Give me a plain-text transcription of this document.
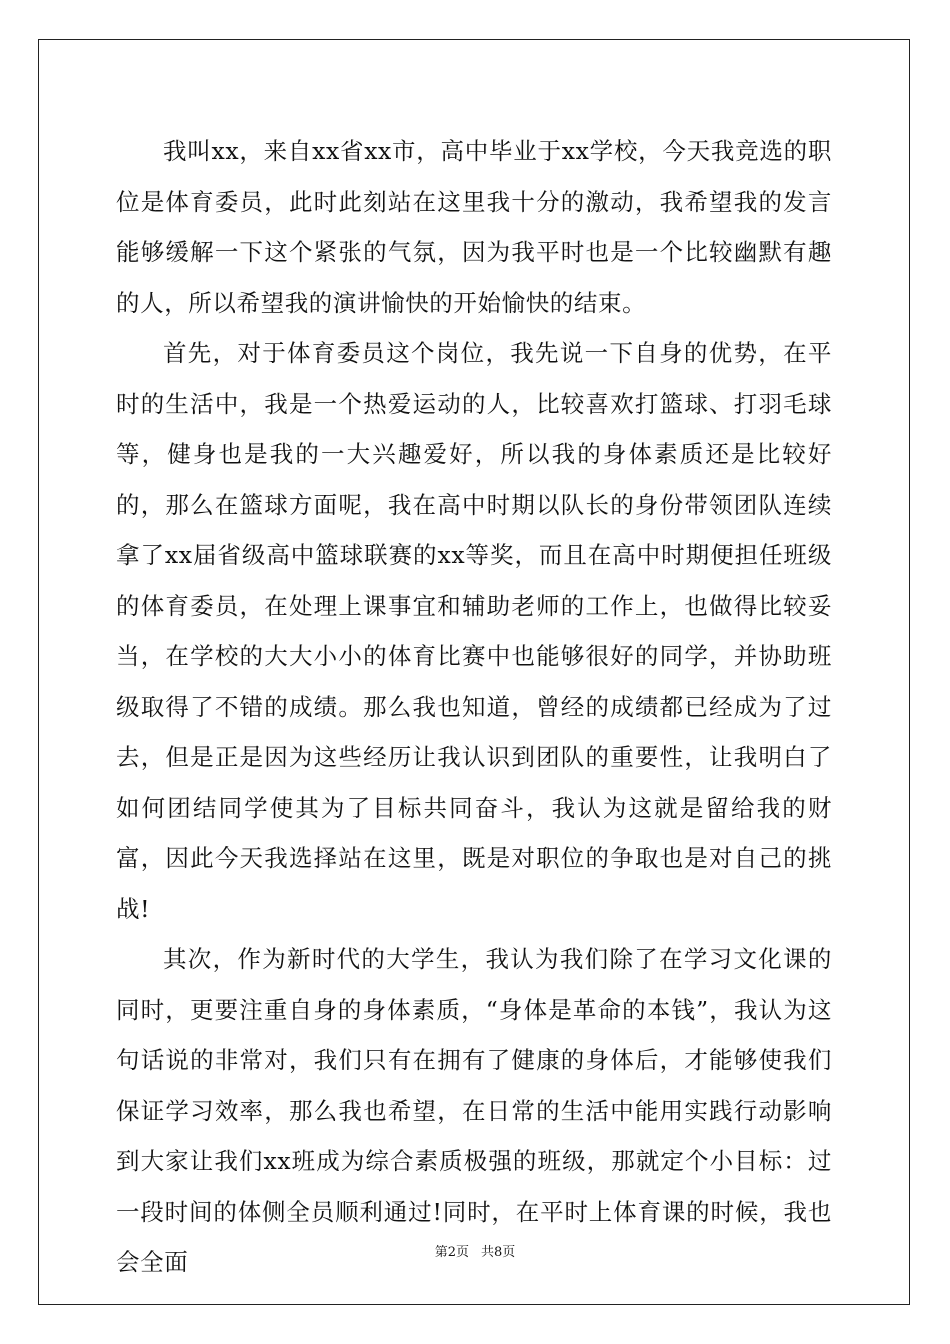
我叫xx，来自xx省xx市，高中毕业于xx学校，今天我竞选的职位是体育委员，此时此刻站在这里我十分的激动，我希望我的发言能够缓解一下这个紧张的气氛，因为我平时也是一个比较幽默有趣的人，所以希望我的演讲愉快的开始愉快的结束。

首先，对于体育委员这个岗位，我先说一下自身的优势，在平时的生活中，我是一个热爱运动的人，比较喜欢打篮球、打羽毛球等，健身也是我的一大兴趣爱好，所以我的身体素质还是比较好的，那么在篮球方面呢，我在高中时期以队长的身份带领团队连续拿了xx届省级高中篮球联赛的xx等奖，而且在高中时期便担任班级的体育委员，在处理上课事宜和辅助老师的工作上，也做得比较妥当，在学校的大大小小的体育比赛中也能够很好的同学，并协助班级取得了不错的成绩。那么我也知道，曾经的成绩都已经成为了过去，但是正是因为这些经历让我认识到团队的重要性，让我明白了如何团结同学使其为了目标共同奋斗，我认为这就是留给我的财富，因此今天我选择站在这里，既是对职位的争取也是对自己的挑战!

其次，作为新时代的大学生，我认为我们除了在学习文化课的同时，更要注重自身的身体素质，“身体是革命的本钱”，我认为这句话说的非常对，我们只有在拥有了健康的身体后，才能够使我们保证学习效率，那么我也希望，在日常的生活中能用实践行动影响到大家让我们xx班成为综合素质极强的班级，那就定个小目标：过一段时间的体侧全员顺利通过!同时，在平时上体育课的时候，我也会全面	第2页 共8页
